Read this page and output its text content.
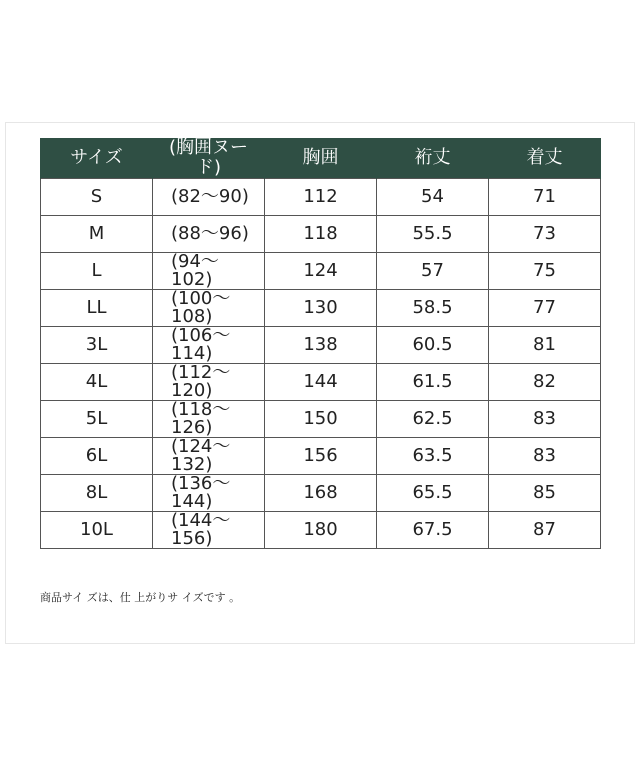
サイズ	(胸囲ヌード)	胸囲	裄丈	着丈
S	(82〜90)	112	54	71
M	(88〜96)	118	55.5	73
L	(94〜102)	124	57	75
LL	(100〜108)	130	58.5	77
3L	(106〜114)	138	60.5	81
4L	(112〜120)	144	61.5	82
5L	(118〜126)	150	62.5	83
6L	(124〜132)	156	63.5	83
8L	(136〜144)	168	65.5	85
10L	(144〜156)	180	67.5	87
商品サイ ズは、仕 上がりサ イズです 。
